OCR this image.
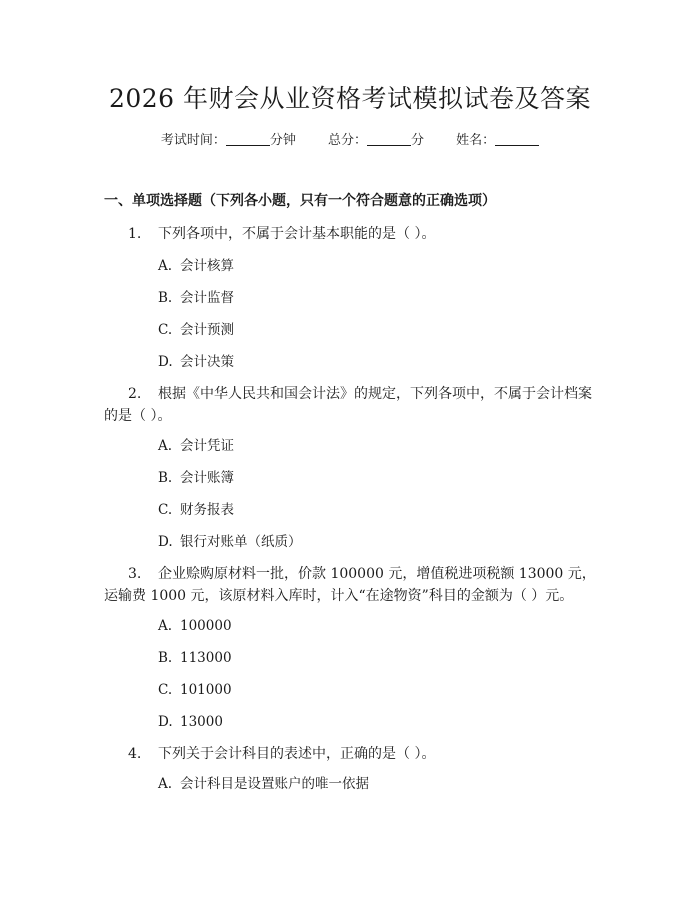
2026 年财会从业资格考试模拟试卷及答案
考试时间：	分钟 总分：	分 姓名：
一、单项选择题（下列各小题，只有一个符合题意的正确选项）
1. 下列各项中，不属于会计基本职能的是（ ）。
A. 会计核算
B. 会计监督
C. 会计预测
D. 会计决策
2. 根据《中华人民共和国会计法》的规定，下列各项中，不属于会计档案的是（ ）。
A. 会计凭证
B. 会计账簿
C. 财务报表
D. 银行对账单（纸质）
3. 企业赊购原材料一批，价款 100000 元，增值税进项税额 13000 元，运输费 1000 元，该原材料入库时，计入“在途物资”科目的金额为（ ）元。
A. 100000
B. 113000
C. 101000
D. 13000
4. 下列关于会计科目的表述中，正确的是（ ）。
A. 会计科目是设置账户的唯一依据
